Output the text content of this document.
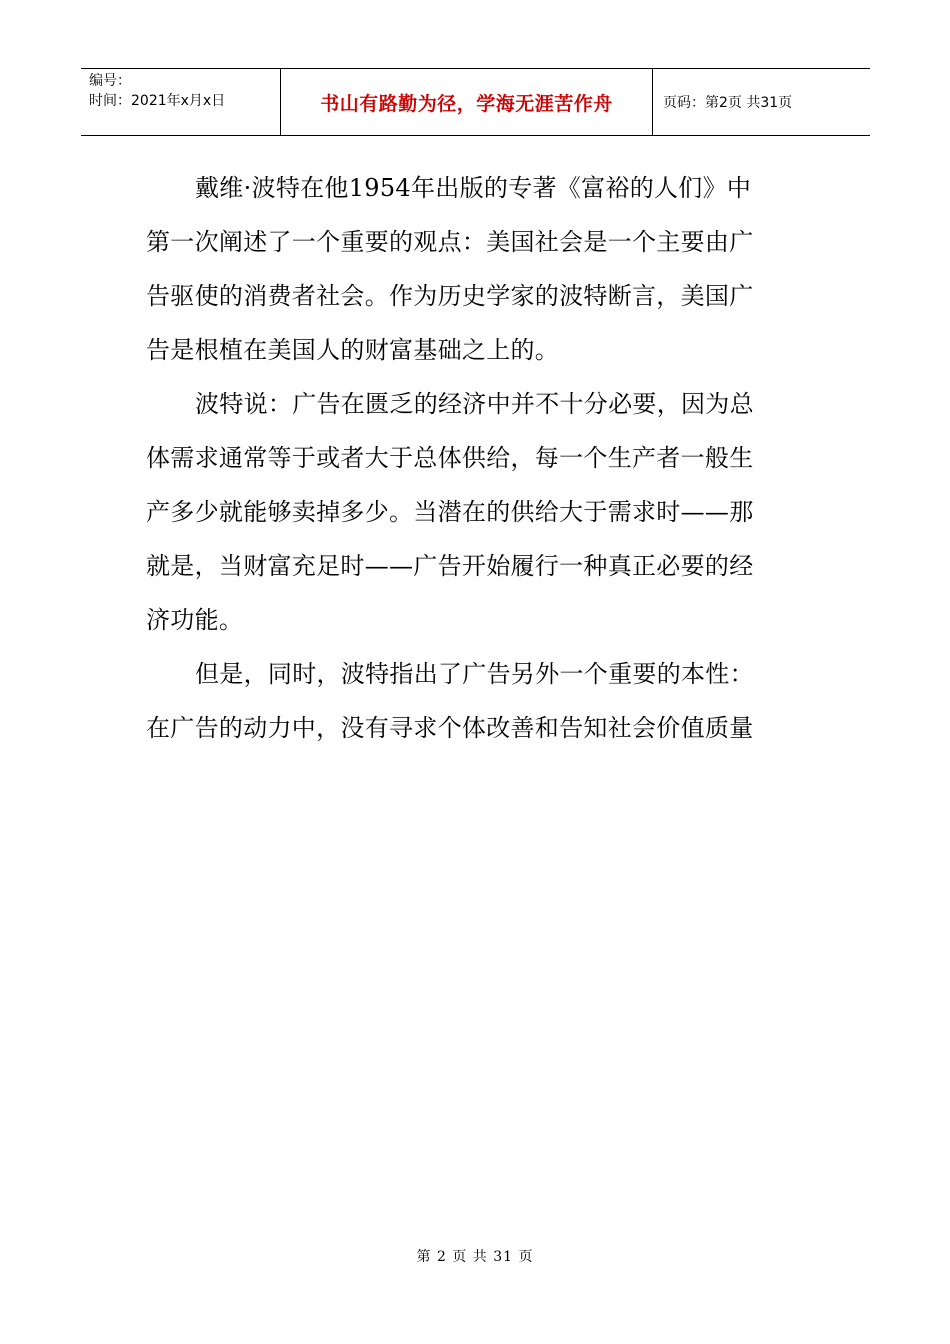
编号：
时间：2021年x月x日	书山有路勤为径，学海无涯苦作舟	页码：第2页 共31页

戴维·波特在他1954年出版的专著《富裕的人们》中

第一次阐述了一个重要的观点：美国社会是一个主要由广

告驱使的消费者社会。作为历史学家的波特断言，美国广

告是根植在美国人的财富基础之上的。

波特说：广告在匮乏的经济中并不十分必要，因为总

体需求通常等于或者大于总体供给，每一个生产者一般生

产多少就能够卖掉多少。当潜在的供给大于需求时——那

就是，当财富充足时——广告开始履行一种真正必要的经

济功能。

但是，同时，波特指出了广告另外一个重要的本性：

在广告的动力中，没有寻求个体改善和告知社会价值质量

第 2 页 共 31 页
